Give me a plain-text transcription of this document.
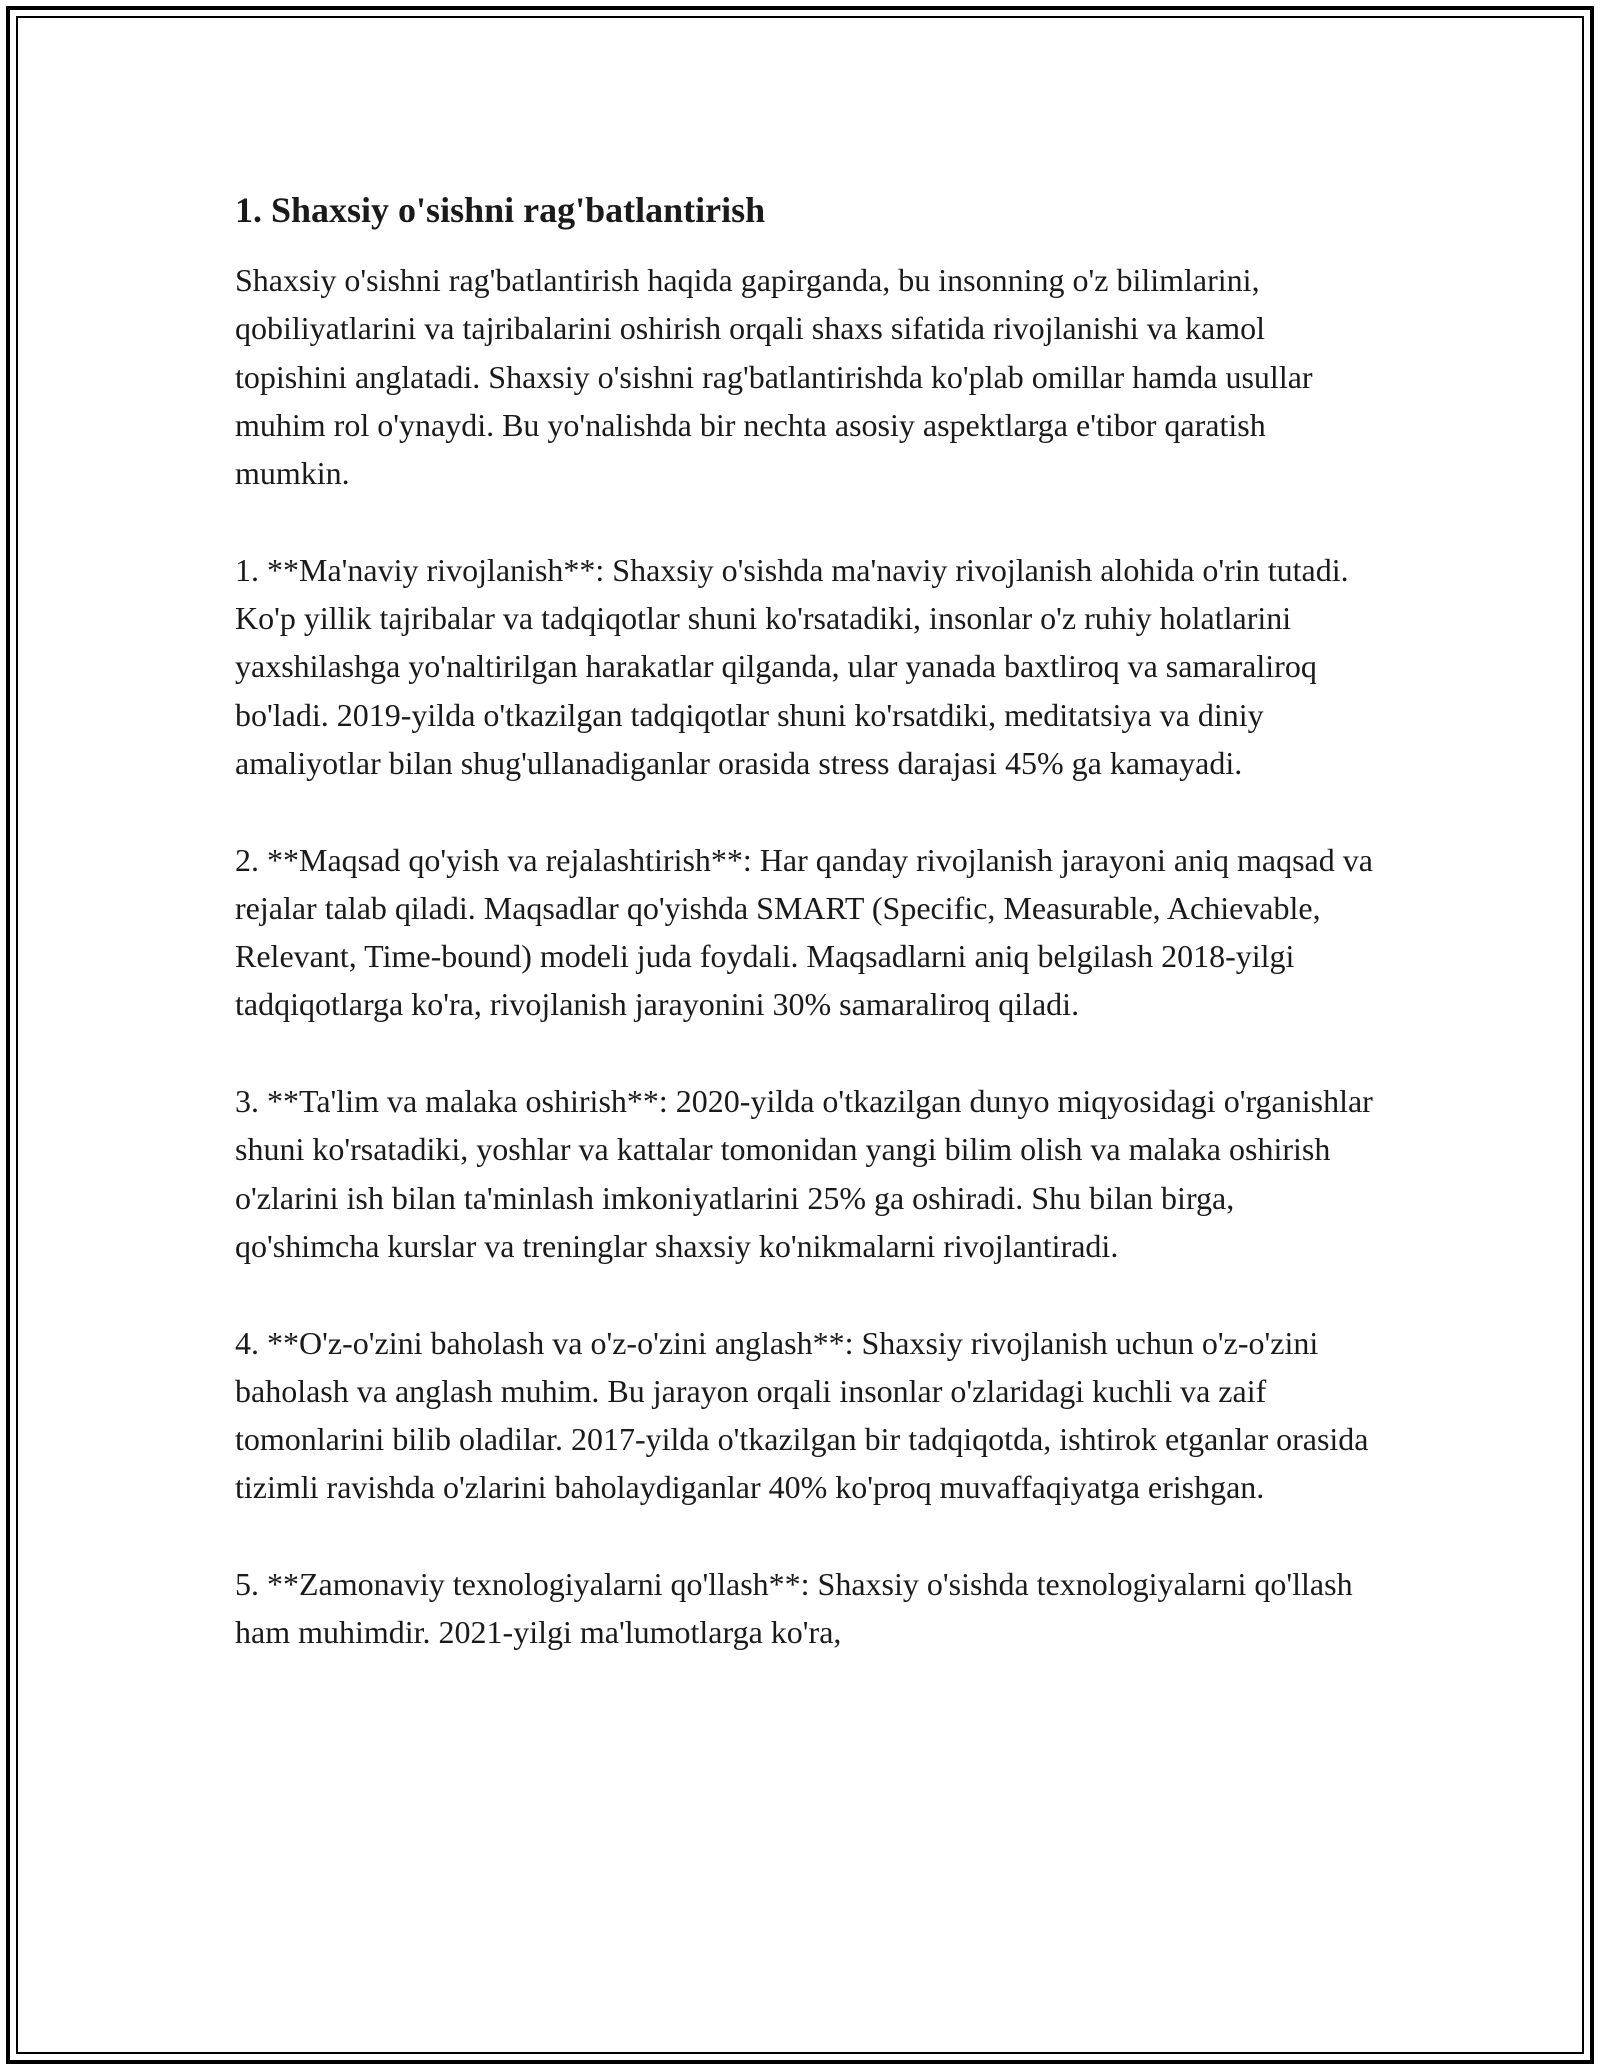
1. Shaxsiy o'sishni rag'batlantirish

Shaxsiy o'sishni rag'batlantirish haqida gapirganda, bu insonning o'z bilimlarini, qobiliyatlarini va tajribalarini oshirish orqali shaxs sifatida rivojlanishi va kamol topishini anglatadi. Shaxsiy o'sishni rag'batlantirishda ko'plab omillar hamda usullar muhim rol o'ynaydi. Bu yo'nalishda bir nechta asosiy aspektlarga e'tibor qaratish mumkin.

1. **Ma'naviy rivojlanish**: Shaxsiy o'sishda ma'naviy rivojlanish alohida o'rin tutadi. Ko'p yillik tajribalar va tadqiqotlar shuni ko'rsatadiki, insonlar o'z ruhiy holatlarini yaxshilashga yo'naltirilgan harakatlar qilganda, ular yanada baxtliroq va samaraliroq bo'ladi. 2019-yilda o'tkazilgan tadqiqotlar shuni ko'rsatdiki, meditatsiya va diniy amaliyotlar bilan shug'ullanadiganlar orasida stress darajasi 45% ga kamayadi.

2. **Maqsad qo'yish va rejalashtirish**: Har qanday rivojlanish jarayoni aniq maqsad va rejalar talab qiladi. Maqsadlar qo'yishda SMART (Specific, Measurable, Achievable, Relevant, Time-bound) modeli juda foydali. Maqsadlarni aniq belgilash 2018-yilgi tadqiqotlarga ko'ra, rivojlanish jarayonini 30% samaraliroq qiladi.

3. **Ta'lim va malaka oshirish**: 2020-yilda o'tkazilgan dunyo miqyosidagi o'rganishlar shuni ko'rsatadiki, yoshlar va kattalar tomonidan yangi bilim olish va malaka oshirish o'zlarini ish bilan ta'minlash imkoniyatlarini 25% ga oshiradi. Shu bilan birga, qo'shimcha kurslar va treninglar shaxsiy ko'nikmalarni rivojlantiradi.

4. **O'z-o'zini baholash va o'z-o'zini anglash**: Shaxsiy rivojlanish uchun o'z-o'zini baholash va anglash muhim. Bu jarayon orqali insonlar o'zlaridagi kuchli va zaif tomonlarini bilib oladilar. 2017-yilda o'tkazilgan bir tadqiqotda, ishtirok etganlar orasida tizimli ravishda o'zlarini baholaydiganlar 40% ko'proq muvaffaqiyatga erishgan.

5. **Zamonaviy texnologiyalarni qo'llash**: Shaxsiy o'sishda texnologiyalarni qo'llash ham muhimdir. 2021-yilgi ma'lumotlarga ko'ra,
